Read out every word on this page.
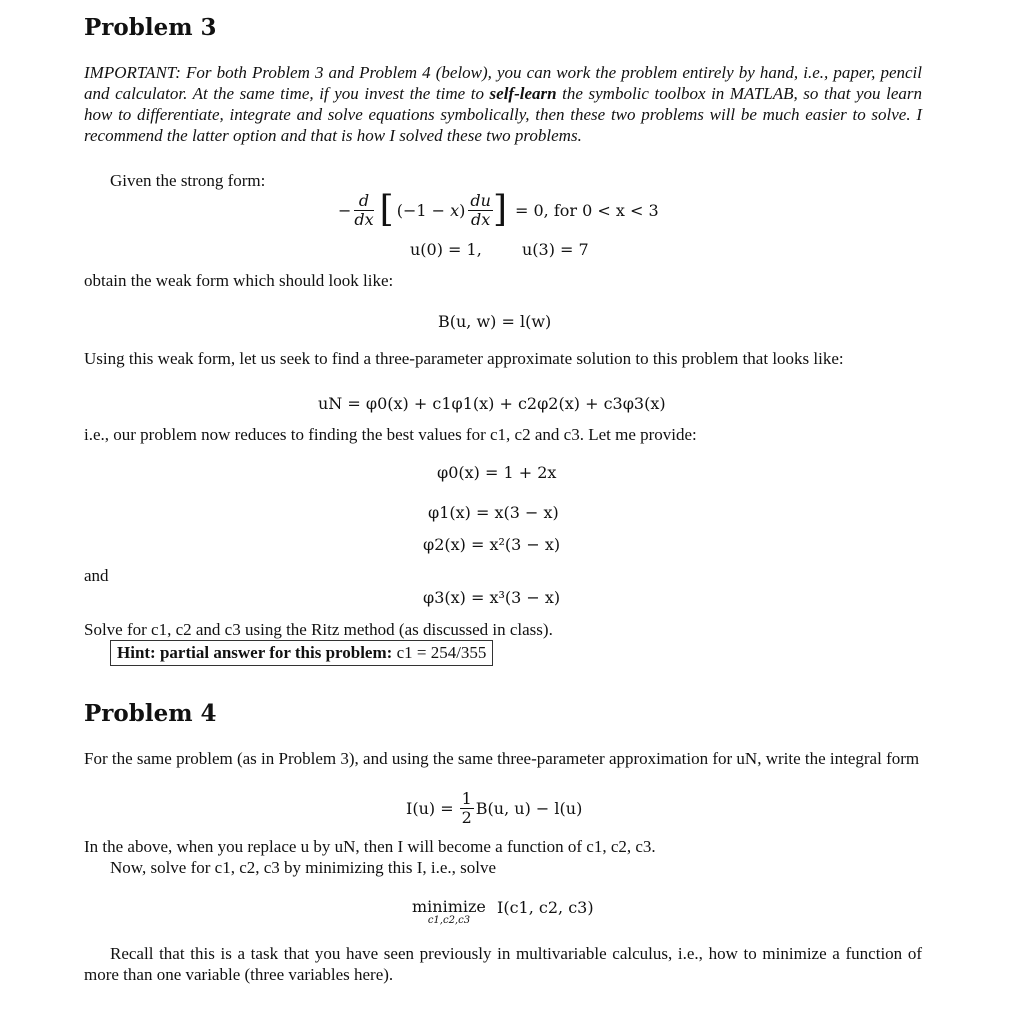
Problem 3
IMPORTANT: For both Problem 3 and Problem 4 (below), you can work the problem entirely by hand, i.e., paper, pencil and calculator. At the same time, if you invest the time to self-learn the symbolic toolbox in MATLAB, so that you learn how to differentiate, integrate and solve equations symbolically, then these two problems will be much easier to solve. I recommend the latter option and that is how I solved these two problems.
Given the strong form:
− $\frac{d}{dx}$ [ $(-1 - x) \frac{du}{dx}$ ] = 0, for 0 < x < 3
u(0) = 1,	u(3) = 7
obtain the weak form which should look like:
B(u, w) = l(w)
Using this weak form, let us seek to find a three-parameter approximate solution to this problem that looks like:
uN = φ0(x) + c1φ1(x) + c2φ2(x) + c3φ3(x)
i.e., our problem now reduces to finding the best values for c1, c2 and c3. Let me provide:
φ0(x) = 1 + 2x
φ1(x) = x(3 − x)
φ2(x) = x²(3 − x)
and
φ3(x) = x³(3 − x)
Solve for c1, c2 and c3 using the Ritz method (as discussed in class).
Hint: partial answer for this problem: c1 = 254/355
Problem 4
For the same problem (as in Problem 3), and using the same three-parameter approximation for uN, write the integral form
$I(u) = \frac{1}{2} B(u$, u) − l(u)
In the above, when you replace u by uN, then I will become a function of c1, c2, c3.
Now, solve for c1, c2, c3 by minimizing this I, i.e., solve
minimize
c1,c2,c3
I(c1, c2, c3)
Recall that this is a task that you have seen previously in multivariable calculus, i.e., how to minimize a function of more than one variable (three variables here).
